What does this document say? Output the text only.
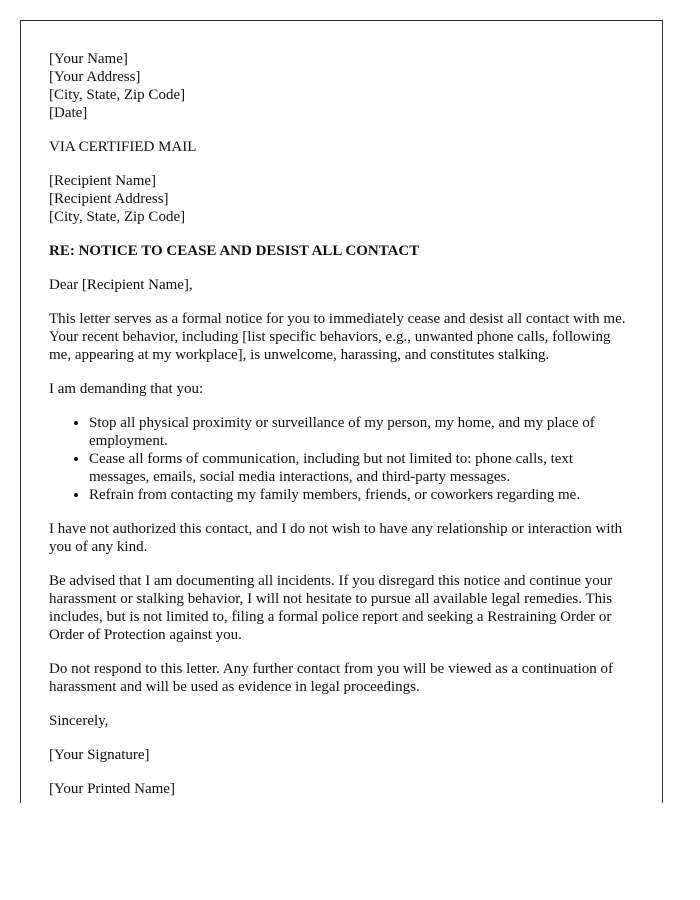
[Your Name]
[Your Address]
[City, State, Zip Code]
[Date]

VIA CERTIFIED MAIL

[Recipient Name]
[Recipient Address]
[City, State, Zip Code]

RE: NOTICE TO CEASE AND DESIST ALL CONTACT

Dear [Recipient Name],

This letter serves as a formal notice for you to immediately cease and desist all contact with me. Your recent behavior, including [list specific behaviors, e.g., unwanted phone calls, following me, appearing at my workplace], is unwelcome, harassing, and constitutes stalking.

I am demanding that you:

• Stop all physical proximity or surveillance of my person, my home, and my place of employment.
• Cease all forms of communication, including but not limited to: phone calls, text messages, emails, social media interactions, and third-party messages.
• Refrain from contacting my family members, friends, or coworkers regarding me.

I have not authorized this contact, and I do not wish to have any relationship or interaction with you of any kind.

Be advised that I am documenting all incidents. If you disregard this notice and continue your harassment or stalking behavior, I will not hesitate to pursue all available legal remedies. This includes, but is not limited to, filing a formal police report and seeking a Restraining Order or Order of Protection against you.

Do not respond to this letter. Any further contact from you will be viewed as a continuation of harassment and will be used as evidence in legal proceedings.

Sincerely,

[Your Signature]

[Your Printed Name]
